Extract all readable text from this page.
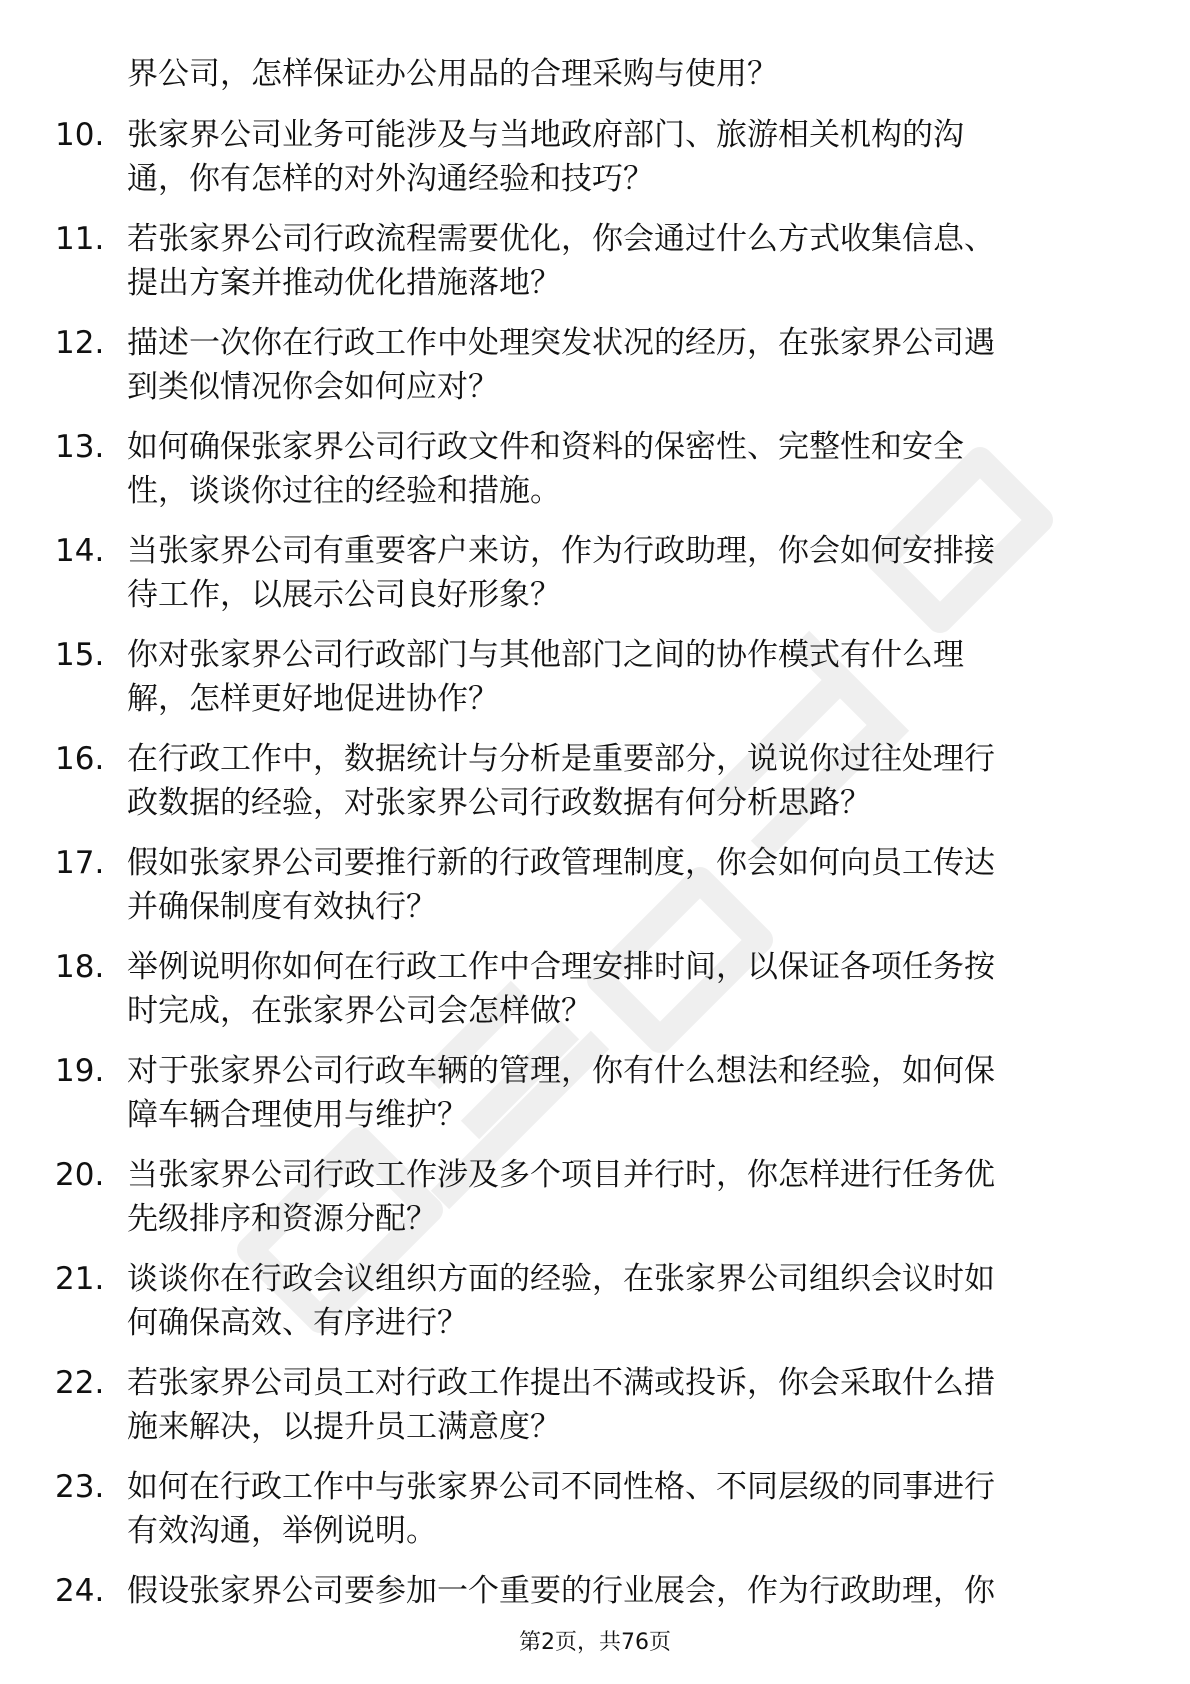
界公司，怎样保证办公用品的合理采购与使用？
10. 张家界公司业务可能涉及与当地政府部门、旅游相关机构的沟
通，你有怎样的对外沟通经验和技巧？
11. 若张家界公司行政流程需要优化，你会通过什么方式收集信息、
提出方案并推动优化措施落地？
12. 描述一次你在行政工作中处理突发状况的经历，在张家界公司遇
到类似情况你会如何应对？
13. 如何确保张家界公司行政文件和资料的保密性、完整性和安全
性，谈谈你过往的经验和措施。
14. 当张家界公司有重要客户来访，作为行政助理，你会如何安排接
待工作，以展示公司良好形象？
15. 你对张家界公司行政部门与其他部门之间的协作模式有什么理
解，怎样更好地促进协作？
16. 在行政工作中，数据统计与分析是重要部分，说说你过往处理行
政数据的经验，对张家界公司行政数据有何分析思路？
17. 假如张家界公司要推行新的行政管理制度，你会如何向员工传达
并确保制度有效执行？
18. 举例说明你如何在行政工作中合理安排时间，以保证各项任务按
时完成，在张家界公司会怎样做？
19. 对于张家界公司行政车辆的管理，你有什么想法和经验，如何保
障车辆合理使用与维护？
20. 当张家界公司行政工作涉及多个项目并行时，你怎样进行任务优
先级排序和资源分配？
21. 谈谈你在行政会议组织方面的经验，在张家界公司组织会议时如
何确保高效、有序进行？
22. 若张家界公司员工对行政工作提出不满或投诉，你会采取什么措
施来解决，以提升员工满意度？
23. 如何在行政工作中与张家界公司不同性格、不同层级的同事进行
有效沟通，举例说明。
24. 假设张家界公司要参加一个重要的行业展会，作为行政助理，你
第2页，共76页
